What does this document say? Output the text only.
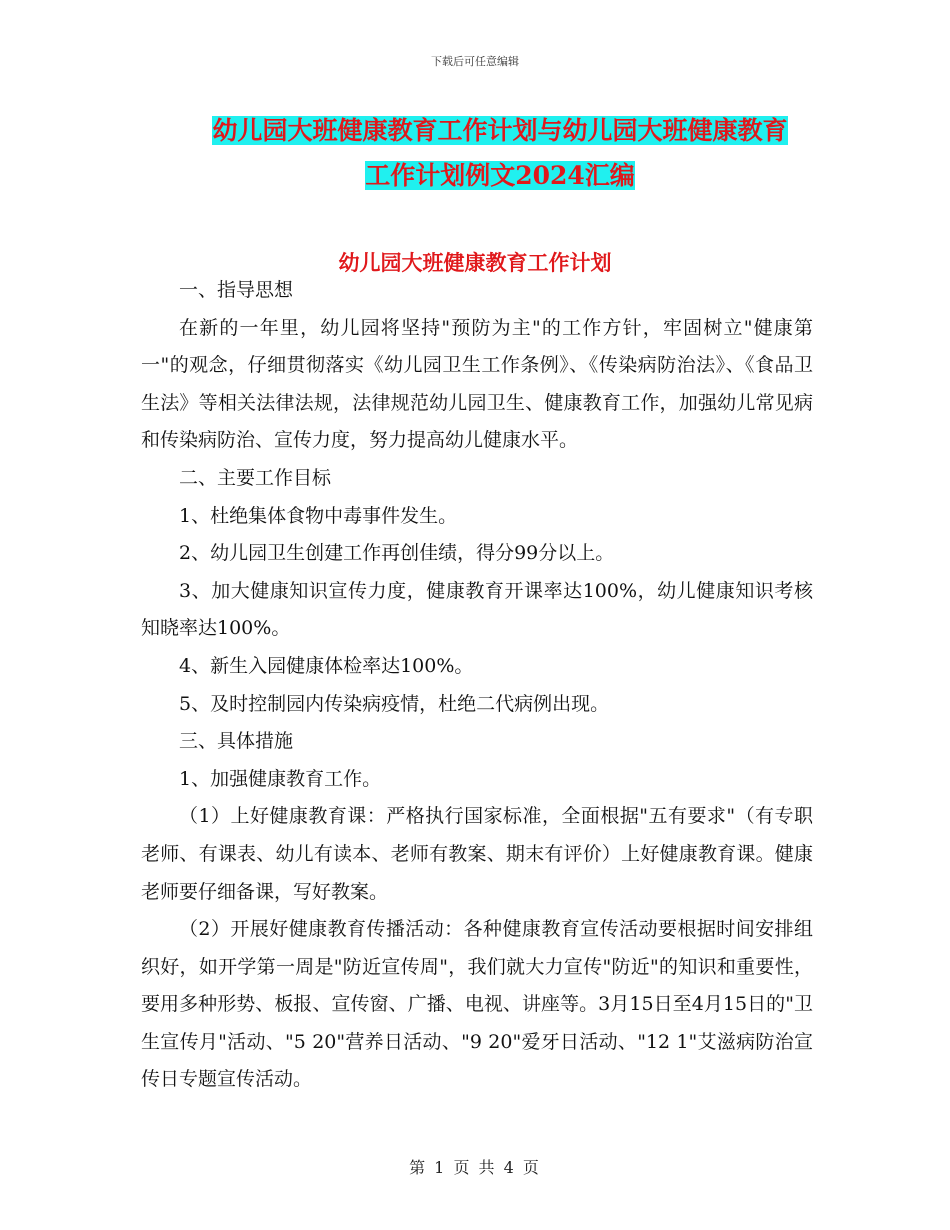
下载后可任意编辑
幼儿园大班健康教育工作计划与幼儿园大班健康教育
工作计划例文2024汇编
幼儿园大班健康教育工作计划

一、指导思想

在新的一年里，幼儿园将坚持"预防为主"的工作方针，牢固树立"健康第一"的观念，仔细贯彻落实《幼儿园卫生工作条例》、《传染病防治法》、《食品卫生法》等相关法律法规，法律规范幼儿园卫生、健康教育工作，加强幼儿常见病和传染病防治、宣传力度，努力提高幼儿健康水平。

二、主要工作目标

1、杜绝集体食物中毒事件发生。

2、幼儿园卫生创建工作再创佳绩，得分99分以上。

3、加大健康知识宣传力度，健康教育开课率达100%，幼儿健康知识考核知晓率达100%。

4、新生入园健康体检率达100%。

5、及时控制园内传染病疫情，杜绝二代病例出现。

三、具体措施

1、加强健康教育工作。

（1）上好健康教育课：严格执行国家标准，全面根据"五有要求"（有专职老师、有课表、幼儿有读本、老师有教案、期末有评价）上好健康教育课。健康老师要仔细备课，写好教案。

（2）开展好健康教育传播活动：各种健康教育宣传活动要根据时间安排组织好，如开学第一周是"防近宣传周"，我们就大力宣传"防近"的知识和重要性，要用多种形势、板报、宣传窗、广播、电视、讲座等。3月15日至4月15日的"卫生宣传月"活动、"5 20"营养日活动、"9 20"爱牙日活动、"12 1"艾滋病防治宣传日专题宣传活动。

第 1 页 共 4 页
